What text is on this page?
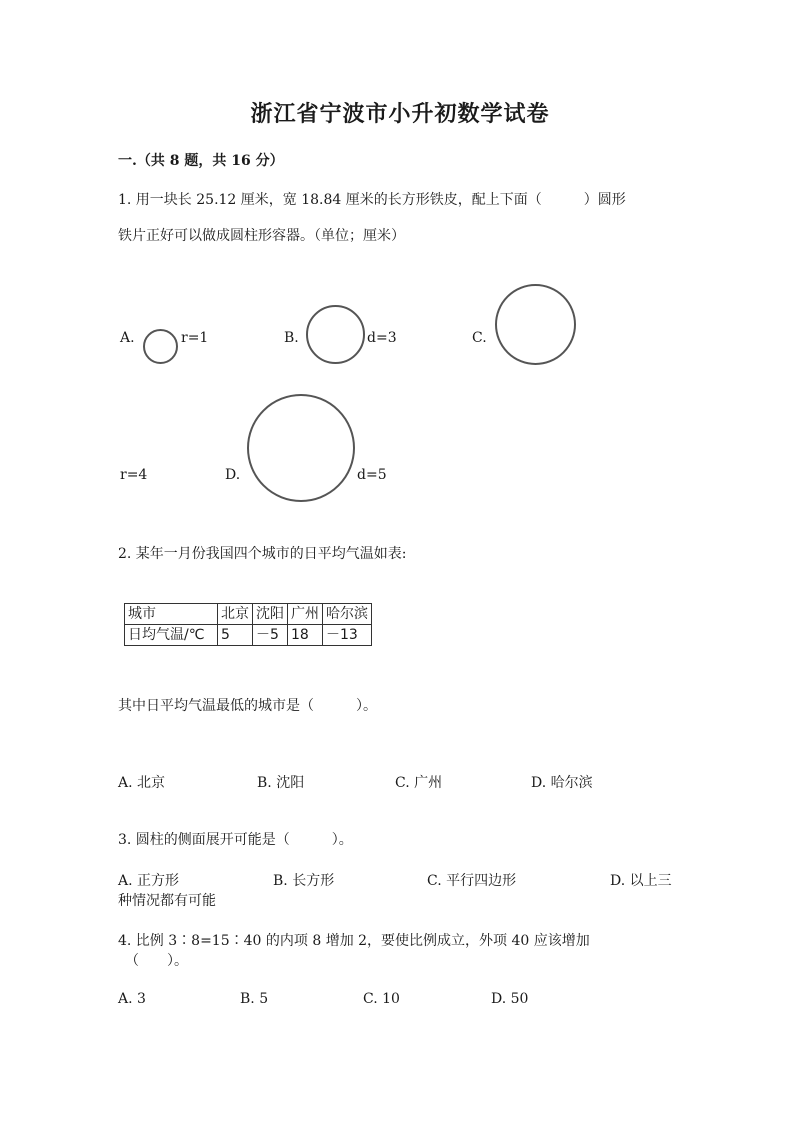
浙江省宁波市小升初数学试卷
一.（共 8 题，共 16 分）
1. 用一块长 25.12 厘米，宽 18.84 厘米的长方形铁皮，配上下面（　　　）圆形
铁片正好可以做成圆柱形容器。（单位；厘米）
A.	r=1	B.	d=3	C.
r=4	D.	d=5
2. 某年一月份我国四个城市的日平均气温如表:
城市	北京	沈阳	广州	哈尔滨
日均气温/℃	5	－5	18	－13
其中日平均气温最低的城市是（　　　）。
A. 北京	B. 沈阳	C. 广州	D. 哈尔滨
3. 圆柱的侧面展开可能是（　　　）。
A. 正方形	B. 长方形	C. 平行四边形	D. 以上三
种情况都有可能
4. 比例 3∶8=15∶40 的内项 8 增加 2，要使比例成立，外项 40 应该增加
（　　）。
A. 3	B. 5	C. 10	D. 50
